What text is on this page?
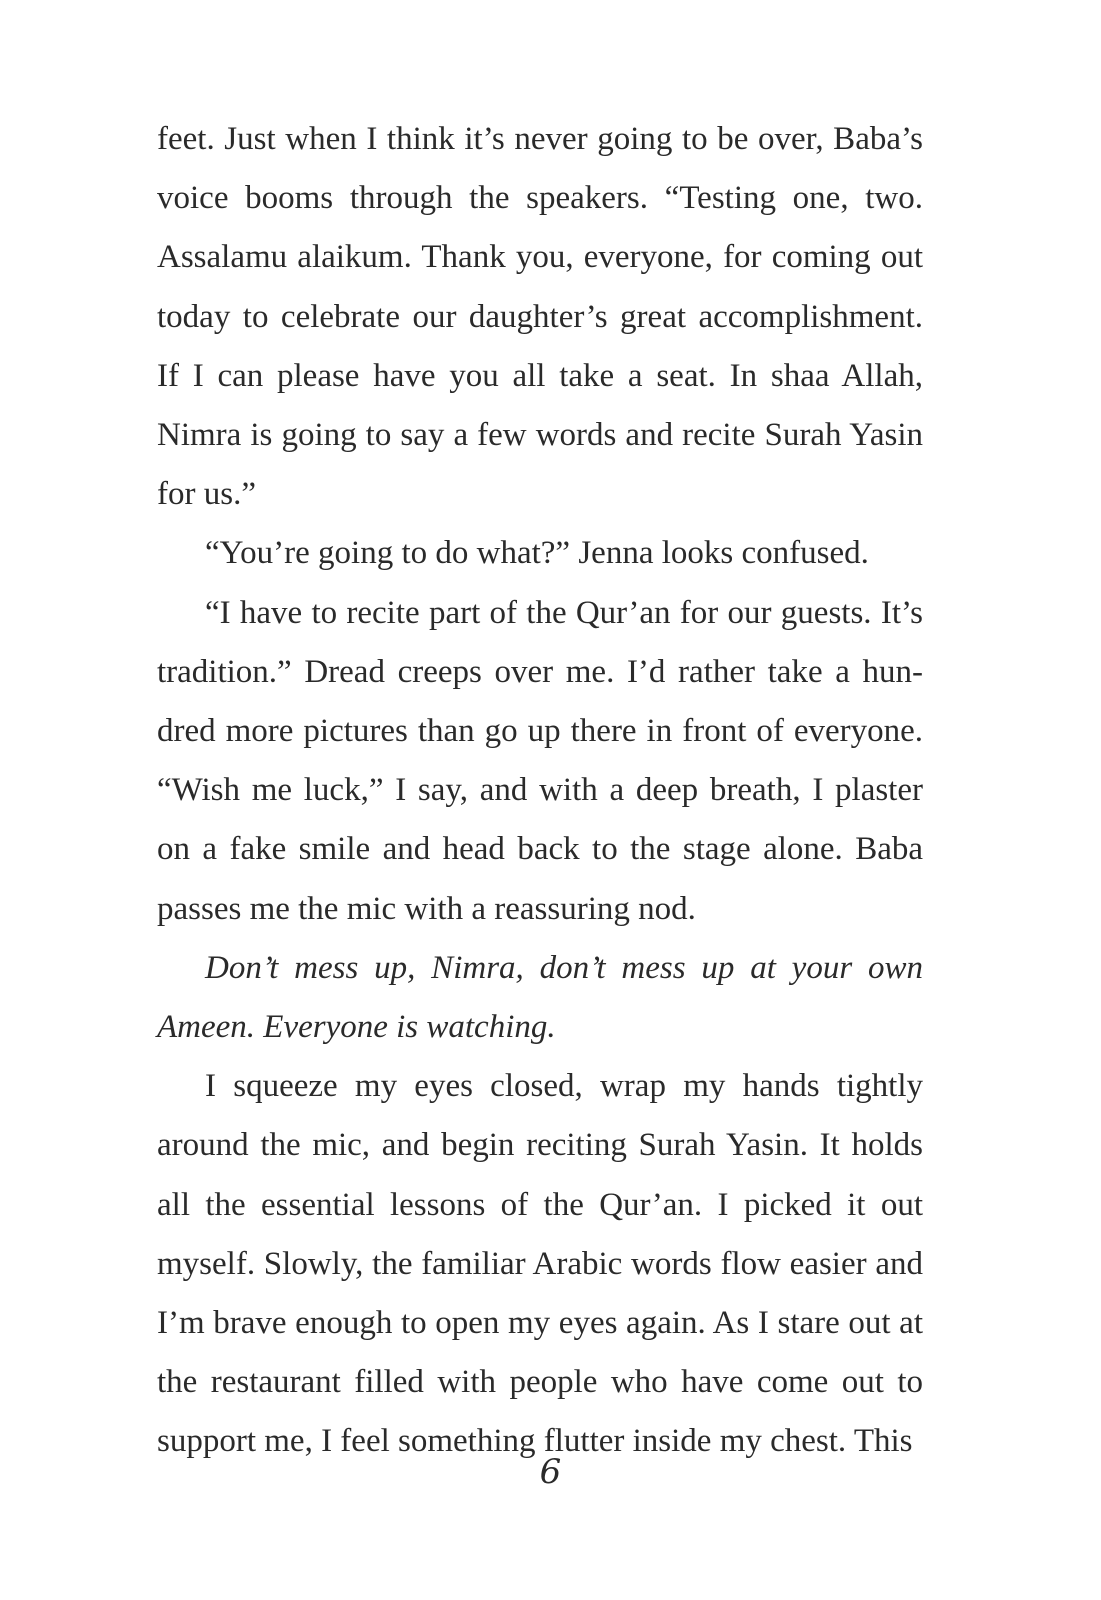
feet. Just when I think it’s never going to be over, Baba’s voice booms through the speakers. “Testing one, two. Assalamu alaikum. Thank you, everyone, for coming out today to celebrate our daughter’s great accomplishment. If I can please have you all take a seat. In shaa Allah, Nimra is going to say a few words and recite Surah Yasin for us.”

“You’re going to do what?” Jenna looks confused.

“I have to recite part of the Qur’an for our guests. It’s tradition.” Dread creeps over me. I’d rather take a hundred more pictures than go up there in front of everyone. “Wish me luck,” I say, and with a deep breath, I plaster on a fake smile and head back to the stage alone. Baba passes me the mic with a reassuring nod.

Don’t mess up, Nimra, don’t mess up at your own Ameen. Everyone is watching.

I squeeze my eyes closed, wrap my hands tightly around the mic, and begin reciting Surah Yasin. It holds all the essential lessons of the Qur’an. I picked it out myself. Slowly, the familiar Arabic words flow easier and I’m brave enough to open my eyes again. As I stare out at the restaurant filled with people who have come out to support me, I feel something flutter inside my chest. This

6
